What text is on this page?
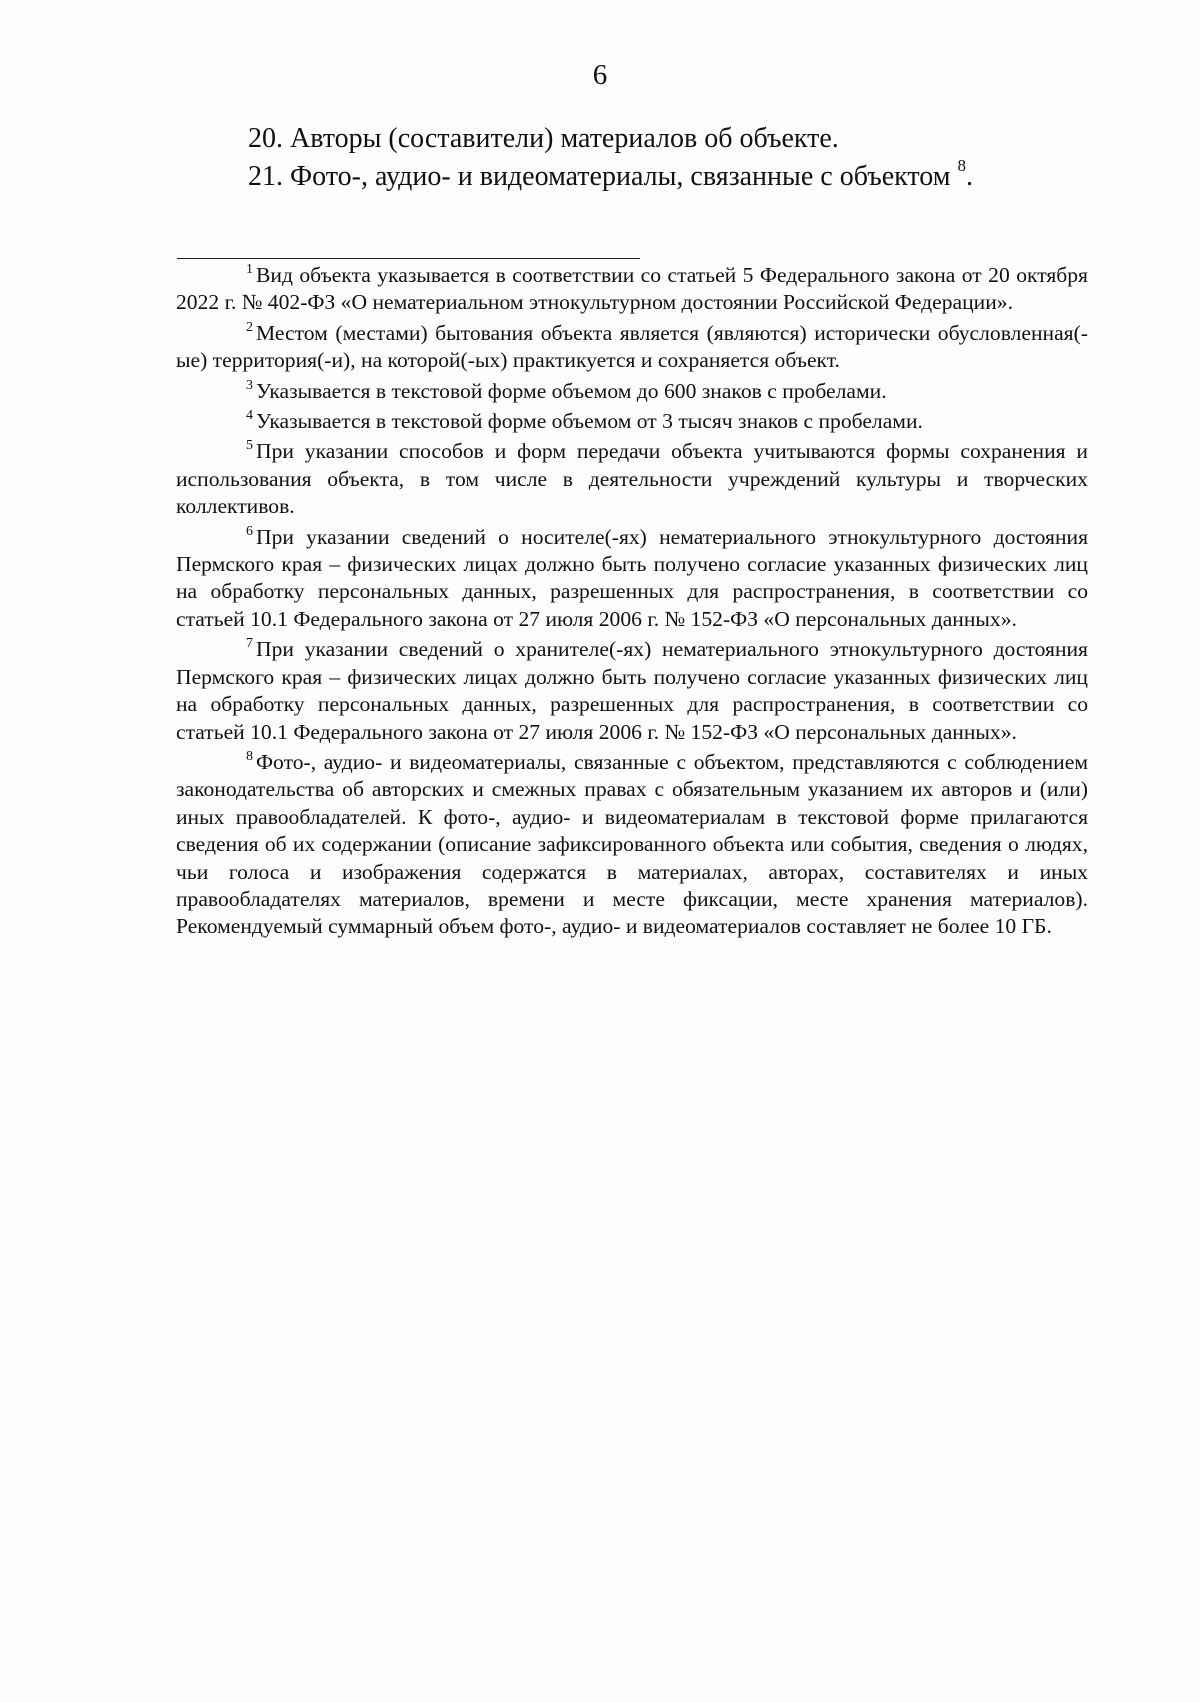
6

20. Авторы (составители) материалов об объекте.

21. Фото-, аудио- и видеоматериалы, связанные с объектом $^8$.

$^1$ Вид объекта указывается в соответствии со статьей 5 Федерального закона от 20 октября 2022 г. № 402-ФЗ «О нематериальном этнокультурном достоянии Российской Федерации».

$^2$ Местом (местами) бытования объекта является (являются) исторически обусловленная(-ые) территория(-и), на которой(-ых) практикуется и сохраняется объект.

$^3$ Указывается в текстовой форме объемом до 600 знаков с пробелами.

$^4$ Указывается в текстовой форме объемом от 3 тысяч знаков с пробелами.

$^5$ При указании способов и форм передачи объекта учитываются формы сохранения и использования объекта, в том числе в деятельности учреждений культуры и творческих коллективов.

$^6$ При указании сведений о носителе(-ях) нематериального этнокультурного достояния Пермского края – физических лицах должно быть получено согласие указанных физических лиц на обработку персональных данных, разрешенных для распространения, в соответствии со статьей 10.1 Федерального закона от 27 июля 2006 г. № 152-ФЗ «О персональных данных».

$^7$ При указании сведений о хранителе(-ях) нематериального этнокультурного достояния Пермского края – физических лицах должно быть получено согласие указанных физических лиц на обработку персональных данных, разрешенных для распространения, в соответствии со статьей 10.1 Федерального закона от 27 июля 2006 г. № 152-ФЗ «О персональных данных».

$^8$ Фото-, аудио- и видеоматериалы, связанные с объектом, представляются с соблюдением законодательства об авторских и смежных правах с обязательным указанием их авторов и (или) иных правообладателей. К фото-, аудио- и видеоматериалам в текстовой форме прилагаются сведения об их содержании (описание зафиксированного объекта или события, сведения о людях, чьи голоса и изображения содержатся в материалах, авторах, составителях и иных правообладателях материалов, времени и месте фиксации, месте хранения материалов). Рекомендуемый суммарный объем фото-, аудио- и видеоматериалов составляет не более 10 ГБ.
